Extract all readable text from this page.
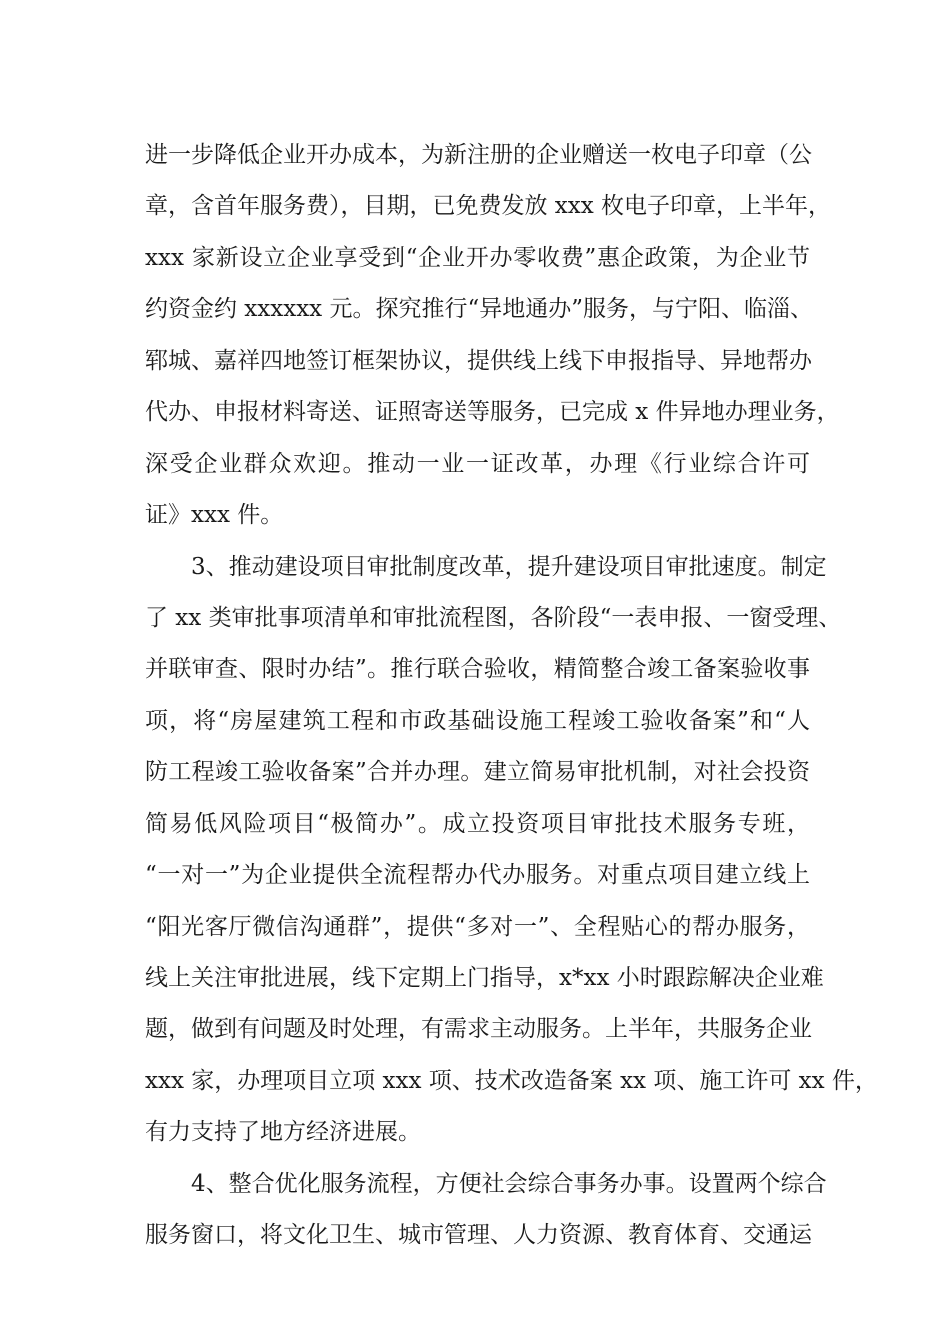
进一步降低企业开办成本，为新注册的企业赠送一枚电子印章（公
章，含首年服务费），目期，已免费发放 xxx 枚电子印章，上半年，
xxx 家新设立企业享受到“企业开办零收费”惠企政策，为企业节
约资金约 xxxxxx 元。探究推行“异地通办”服务，与宁阳、临淄、
郓城、嘉祥四地签订框架协议，提供线上线下申报指导、异地帮办
代办、申报材料寄送、证照寄送等服务，已完成 x 件异地办理业务，
深受企业群众欢迎。推动一业一证改革，办理《行业综合许可
证》xxx 件。
3、推动建设项目审批制度改革，提升建设项目审批速度。制定
了 xx 类审批事项清单和审批流程图，各阶段“一表申报、一窗受理、
并联审查、限时办结”。推行联合验收，精简整合竣工备案验收事
项，将“房屋建筑工程和市政基础设施工程竣工验收备案”和“人
防工程竣工验收备案”合并办理。建立简易审批机制，对社会投资
简易低风险项目“极简办”。成立投资项目审批技术服务专班，
“一对一”为企业提供全流程帮办代办服务。对重点项目建立线上
“阳光客厅微信沟通群”，提供“多对一”、全程贴心的帮办服务，
线上关注审批进展，线下定期上门指导，x*xx 小时跟踪解决企业难
题，做到有问题及时处理，有需求主动服务。上半年，共服务企业
xxx 家，办理项目立项 xxx 项、技术改造备案 xx 项、施工许可 xx 件，
有力支持了地方经济进展。
4、整合优化服务流程，方便社会综合事务办事。设置两个综合
服务窗口，将文化卫生、城市管理、人力资源、教育体育、交通运
